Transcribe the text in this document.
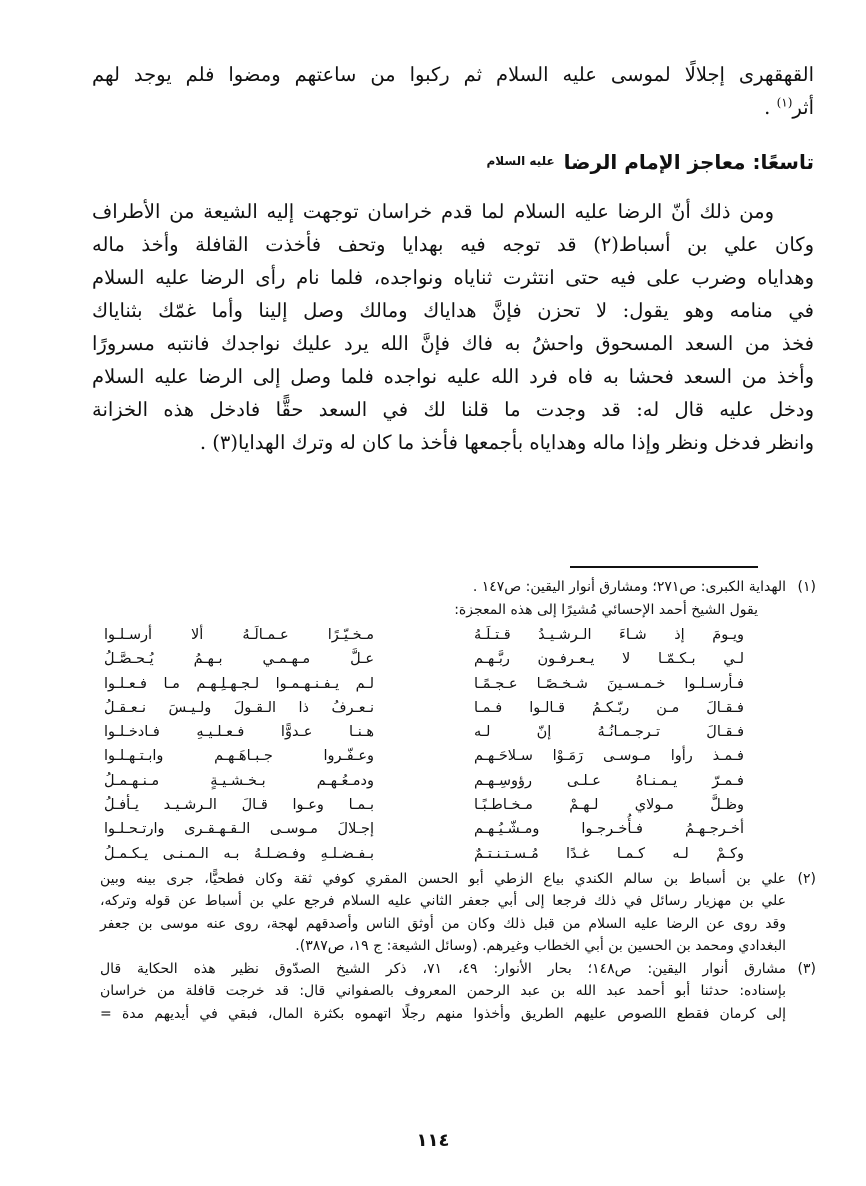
القهقهرى إجلالًا لموسى عليه السلام ثم ركبوا من ساعتهم ومضوا فلم يوجد لهم
أثر$^{(١)}$ .
تاسعًا: معاجز الإمام الرضا $^{عليه السلام}$
ومن ذلك أنّ الرضا عليه السلام لما قدم خراسان توجهت إليه الشيعة من الأطراف
وكان علي بن أسباط(٢) قد توجه فيه بهدايا وتحف فأخذت القافلة وأخذ ماله
وهداياه وضرب على فيه حتى انتثرت ثناياه ونواجده، فلما نام رأى الرضا عليه السلام
في منامه وهو يقول: لا تحزن فإنَّ هداياك ومالك وصل إلينا وأما غمّك بثناياك
فخذ من السعد المسحوق واحشُ به فاك فإنَّ الله يرد عليك نواجدك فانتبه مسرورًا
وأخذ من السعد فحشا به فاه فرد الله عليه نواجده فلما وصل إلى الرضا عليه السلام
ودخل عليه قال له: قد وجدت ما قلنا لك في السعد حقًّا فادخل هذه الخزانة
وانظر فدخل ونظر وإذا ماله وهداياه بأجمعها فأخذ ما كان له وترك الهدايا(٣) .
(١)الهداية الكبرى: ص٢٧١؛ ومشارق أنوار اليقين: ص١٤٧ .
يقول الشيخ أحمد الإحسائي مُشيرًا إلى هذه المعجزة:
ويـومَ إذ شـاءَ الـرشـيـدُ قـتـلَـهُ
مـخـيّـرًا عـمـالَـهُ ألا أرسـلـوا
لـي بـكـمّـا لا يـعـرفـون ربَّـهـم
عـلَّ مـهـمـي بـهـمُ يُـحـصَّـلُ
فـأرسـلـوا خـمـسـينَ شـخـصًـا عـجـمًـا
لـم يـفـنـهـمـوا لـجـهـلِـهـم مـا فـعـلـوا
فـقـالَ مـن ربّـكـمُ قـالـوا فـمـا
نـعـرفُ ذا الـقـولَ ولـيـسَ نـعـقـلُ
فـقـالَ تـرجـمـانُـهُ إنّ لـه
هـنـا عـدوًّا فـعـلـيـهِ فـادخـلـوا
فـمـذ رأوا مـوسـى رَمَـوْا سـلاحَـهـم
وعـفّـروا جـبـاهَـهـم وابـتـهـلـوا
فـمـرّ يـمـنـاهُ عـلـى رؤوسِـهـم
ودمـعُـهـم بـخـشـيـةٍ مـنـهـمـلُ
وظـلَّ مـولاي لـهـمْ مـخـاطـبًـا
بـمـا وعـوا قـالَ الـرشـيـد يـأفـلُ
أخـرجـهـمُ فـأُخـرجـوا ومـشّـيُـهـم
إجـلالَ مـوسـى الـقـهـقـرى وارتـحـلـوا
وكـمْ لـه كـمـا غـدًا مُـسـتـنـتـمٌ
بـفـضـلـهِ وفـضـلـهُ بـه الـمـنـى يـكـمـلُ
(٢)علي بن أسباط بن سالم الكندي بياع الزطي أبو الحسن المقري كوفي ثقة وكان فطحيًّا، جرى بينه وبين
علي بن مهزيار رسائل في ذلك فرجعا إلى أبي جعفر الثاني عليه السلام فرجع علي بن أسباط عن قوله وتركه،
وقد روى عن الرضا عليه السلام من قبل ذلك وكان من أوثق الناس وأصدقهم لهجة، روى عنه موسى بن جعفر
البغدادي ومحمد بن الحسين بن أبي الخطاب وغيرهم. (وسائل الشيعة: ج ١٩، ص٣٨٧).
(٣)مشارق أنوار اليقين: ص١٤٨؛ بحار الأنوار: ٤٩، ٧١، ذكر الشيخ الصدّوق نظير هذه الحكاية قال
بإسناده: حدثنا أبو أحمد عبد الله بن عبد الرحمن المعروف بالصفواني قال: قد خرجت قافلة من خراسان
إلى كرمان فقطع اللصوص عليهم الطريق وأخذوا منهم رجلًا اتهموه بكثرة المال، فبقي في أيديهم مدة =
١١٤
